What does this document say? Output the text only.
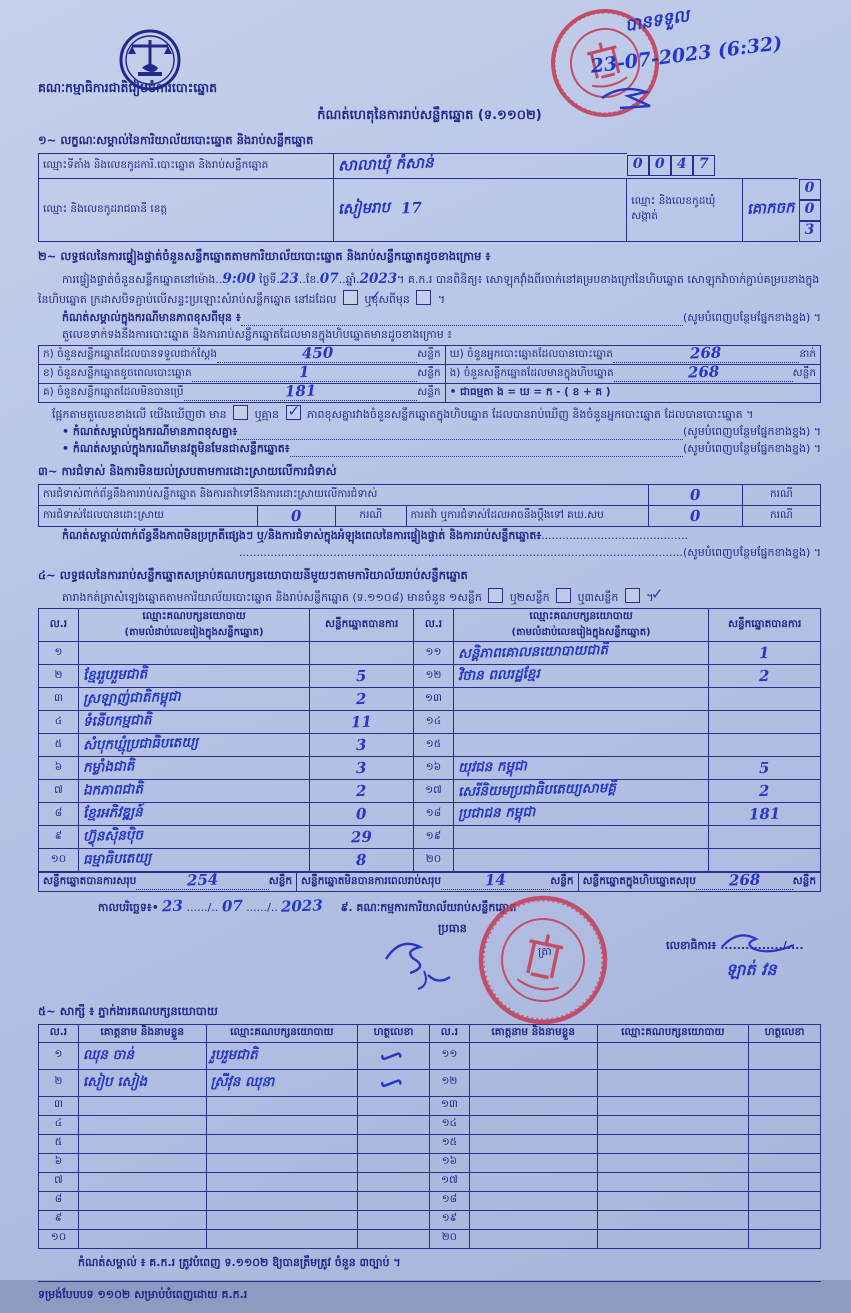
បានទទួល
23-07-2023 (6:32)
គណៈកម្មាធិការជាតិរៀបចំការបោះឆ្នោត
កំណត់ហេតុនៃការរាប់សន្លឹកឆ្នោត (ទ.១១០២)
១~ លក្ខណៈសម្គាល់នៃការិយាល័យបោះឆ្នោត និងរាប់សន្លឹកឆ្នោត
ឈ្មោះទីតាំង និងលេខកូដការិ.បោះឆ្នោត និងរាប់សន្លឹកឆ្នោត	សាលាឃុំ កំសាន់	0 0 4 7		
ឈ្មោះ និងលេខកូដរាជធានី ខេត្ត	សៀមរាប 17	ឈ្មោះ និងលេខកូដឃុំ សង្កាត់	គោកចក	003
២~ លទ្ធផលនៃការផ្ទៀងផ្ទាត់ចំនួនសន្លឹកឆ្នោតតាមការិយាល័យបោះឆ្នោត និងរាប់សន្លឹកឆ្នោតដូចខាងក្រោម ៖
ការផ្ទៀងផ្ទាត់ចំនួនសន្លឹកឆ្នោតនៅម៉ោង..9:00 ថ្ងៃទី.23..ខែ.07..ឆ្នាំ.2023។ គ.ក.រ បានពិនិត្យ៖ សោឡុកវ៉ាំងពីរចាក់នៅគម្របខាងក្រៅនៃហិបឆ្នោត សោឡុកវ៉ាចាក់ភ្ជាប់គម្របខាងក្នុងនៃហិបឆ្នោត ក្រដាសបិទភ្ជាប់លើសន្ទះប្រឡោះសំរាប់សន្លឹកឆ្នោត នៅដដែល ✓	ឬខុសពីមុន	។
កំណត់សម្គាល់ក្នុងករណីមានភាពខុសពីមុន ៖	(សូមបំពេញបន្ថែមផ្នែកខាងខ្នង) ។
តួលេខទាក់ទងនឹងការបោះឆ្នោត និងការរាប់សន្លឹកឆ្នោតដែលមានក្នុងហិបឆ្នោតមានដូចខាងក្រោម ៖
ក) ចំនួនសន្លឹកឆ្នោតដែលបានទទួលជាក់ស្តែង 450 សន្លឹក	ឃ) ចំនួនអ្នកបោះឆ្នោតដែលបានបោះឆ្នោត 268 នាក់

ខ) ចំនួនសន្លឹកឆ្នោតខូចពេលបោះឆ្នោត 1 សន្លឹក	ង) ចំនួនសន្លឹកឆ្នោតដែលមានក្នុងហិបឆ្នោត 268 សន្លឹក

គ) ចំនួនសន្លឹកឆ្នោតដែលមិនបានប្រើ 181 សន្លឹក	• ជាធម្មតា ង = ឃ = ក - ( ខ + គ )
ផ្អែកតាមតួលេខខាងលើ យើងឃើញថា មាន	ឬគ្មាន ✓	ភាពខុសគ្នារវាងចំនួនសន្លឹកឆ្នោតក្នុងហិបឆ្នោត ដែលបានរាប់ឃើញ និងចំនួនអ្នកបោះឆ្នោត ដែលបានបោះឆ្នោត ។
• កំណត់សម្គាល់ក្នុងករណីមានភាពខុសគ្នា៖	(សូមបំពេញបន្ថែមផ្នែកខាងខ្នង) ។
• កំណត់សម្គាល់ក្នុងករណីមានវត្ថុមិនមែនជាសន្លឹកឆ្នោត៖	(សូមបំពេញបន្ថែមផ្នែកខាងខ្នង) ។
៣~ ការជំទាស់ និងការមិនយល់ស្របតាមការដោះស្រាយលើការជំទាស់
ការជំទាស់ពាក់ព័ន្ធនឹងការរាប់សន្លឹកឆ្នោត និងការតវ៉ាទៅនឹងការដោះស្រាយលើការជំទាស់				0	ករណី
ការជំទាស់ដែលបានដោះស្រាយ	0	ករណី	ការតវ៉ា ឬការជំទាស់ដែលអាចនឹងប្ដឹងទៅ គឃ.សប	0	ករណី
កំណត់សម្គាល់ពាក់ព័ន្ធនឹងភាពមិនប្រក្រតីផ្សេងៗ ឬ/និងការជំទាស់ក្នុងអំឡុងពេលនៃការផ្ទៀងផ្ទាត់ និងការរាប់សន្លឹកឆ្នោត៖..........................................
...............................................................................................................................(សូមបំពេញបន្ថែមផ្នែកខាងខ្នង) ។
៤~ លទ្ធផលនៃការរាប់សន្លឹកឆ្នោតសម្រាប់គណបក្សនយោបាយនីមួយៗតាមការិយាល័យរាប់សន្លឹកឆ្នោត
តារាងកត់ត្រាសំឡេងឆ្នោតតាមការិយាល័យបោះឆ្នោត និងរាប់សន្លឹកឆ្នោត (ទ.១១០៨) មានចំនួន ១សន្លឹក	ឬ២សន្លឹក	ឬ៣សន្លឹក ✓	។
ល.រ	
ឈ្មោះគណបក្សនយោបាយ
(តាមលំដាប់លេខរៀងក្នុងសន្លឹកឆ្នោត)
	សន្លឹកឆ្នោតបានការ	ល.រ	
ឈ្មោះគណបក្សនយោបាយ
(តាមលំដាប់លេខរៀងក្នុងសន្លឹកឆ្នោត)
	សន្លឹកឆ្នោតបានការ
១			១១	សន្តិភាពគោលនយោបាយជាតិ	1
២	ខ្មែររួបរួមជាតិ	5	១២	វិថាន ពលរដ្ឋខ្មែរ	2
៣	ស្រឡាញ់ជាតិកម្ពុជា	2	១៣		
៤	ទំនើបកម្មជាតិ	11	១៤		
៥	សំបុកឃ្មុំប្រជាធិបតេយ្យ	3	១៥		
៦	កម្លាំងជាតិ	3	១៦	យុវជន កម្ពុជា	5
៧	ឯកភាពជាតិ	2	១៧	សេរីនិយមប្រជាធិបតេយ្យសាមគ្គី	2
៨	ខ្មែរអភិវឌ្ឍន៍	0	១៨	ប្រជាជន កម្ពុជា	181
៩	ហ៊្វុនស៊ិនប៉ិច	29	១៩		
១០	ធម្មាធិបតេយ្យ	8	២០		
សន្លឹកឆ្នោតបានការសរុប	254	សន្លឹក	សន្លឹកឆ្នោតមិនបានការពេលរាប់សរុប	14	សន្លឹក	សន្លឹកឆ្នោតក្នុងហិបឆ្នោតសរុប	268	សន្លឹក
កាលបរិច្ឆេទ៖• 23 ....../.. 07 ....../.. 2023 ៩. គណៈកម្មការការិយាល័យរាប់សន្លឹកឆ្នោត
ប្រធាន
ត្រា	លេខាធិការ៖ .............../....
ឡាត់ វន
៥~ សាក្សី ៖ ភ្នាក់ងារគណបក្សនយោបាយ
ល.រ	គោត្តនាម និងនាមខ្លួន	ឈ្មោះគណបក្សនយោបាយ	ហត្ថលេខា	ល.រ	គោត្តនាម និងនាមខ្លួន	ឈ្មោះគណបក្សនយោបាយ	ហត្ថលេខា
១	ឈុន ចាន់	រួបរួមជាតិ	∫	១១			
២	សៀប សៀង	ស្រីវុន ឈុនា	∫	១២			
៣				១៣			
៤				១៤			
៥				១៥			
៦				១៦			
៧				១៧			
៨				១៨			
៩				១៩			
១០				២០			
កំណត់សម្គាល់ ៖ គ.ក.រ ត្រូវបំពេញ ទ.១១០២ ឱ្យបានត្រឹមត្រូវ ចំនួន ៣ច្បាប់ ។
ទម្រង់បែបបទ ១១០២ សម្រាប់បំពេញដោយ គ.ក.រ
